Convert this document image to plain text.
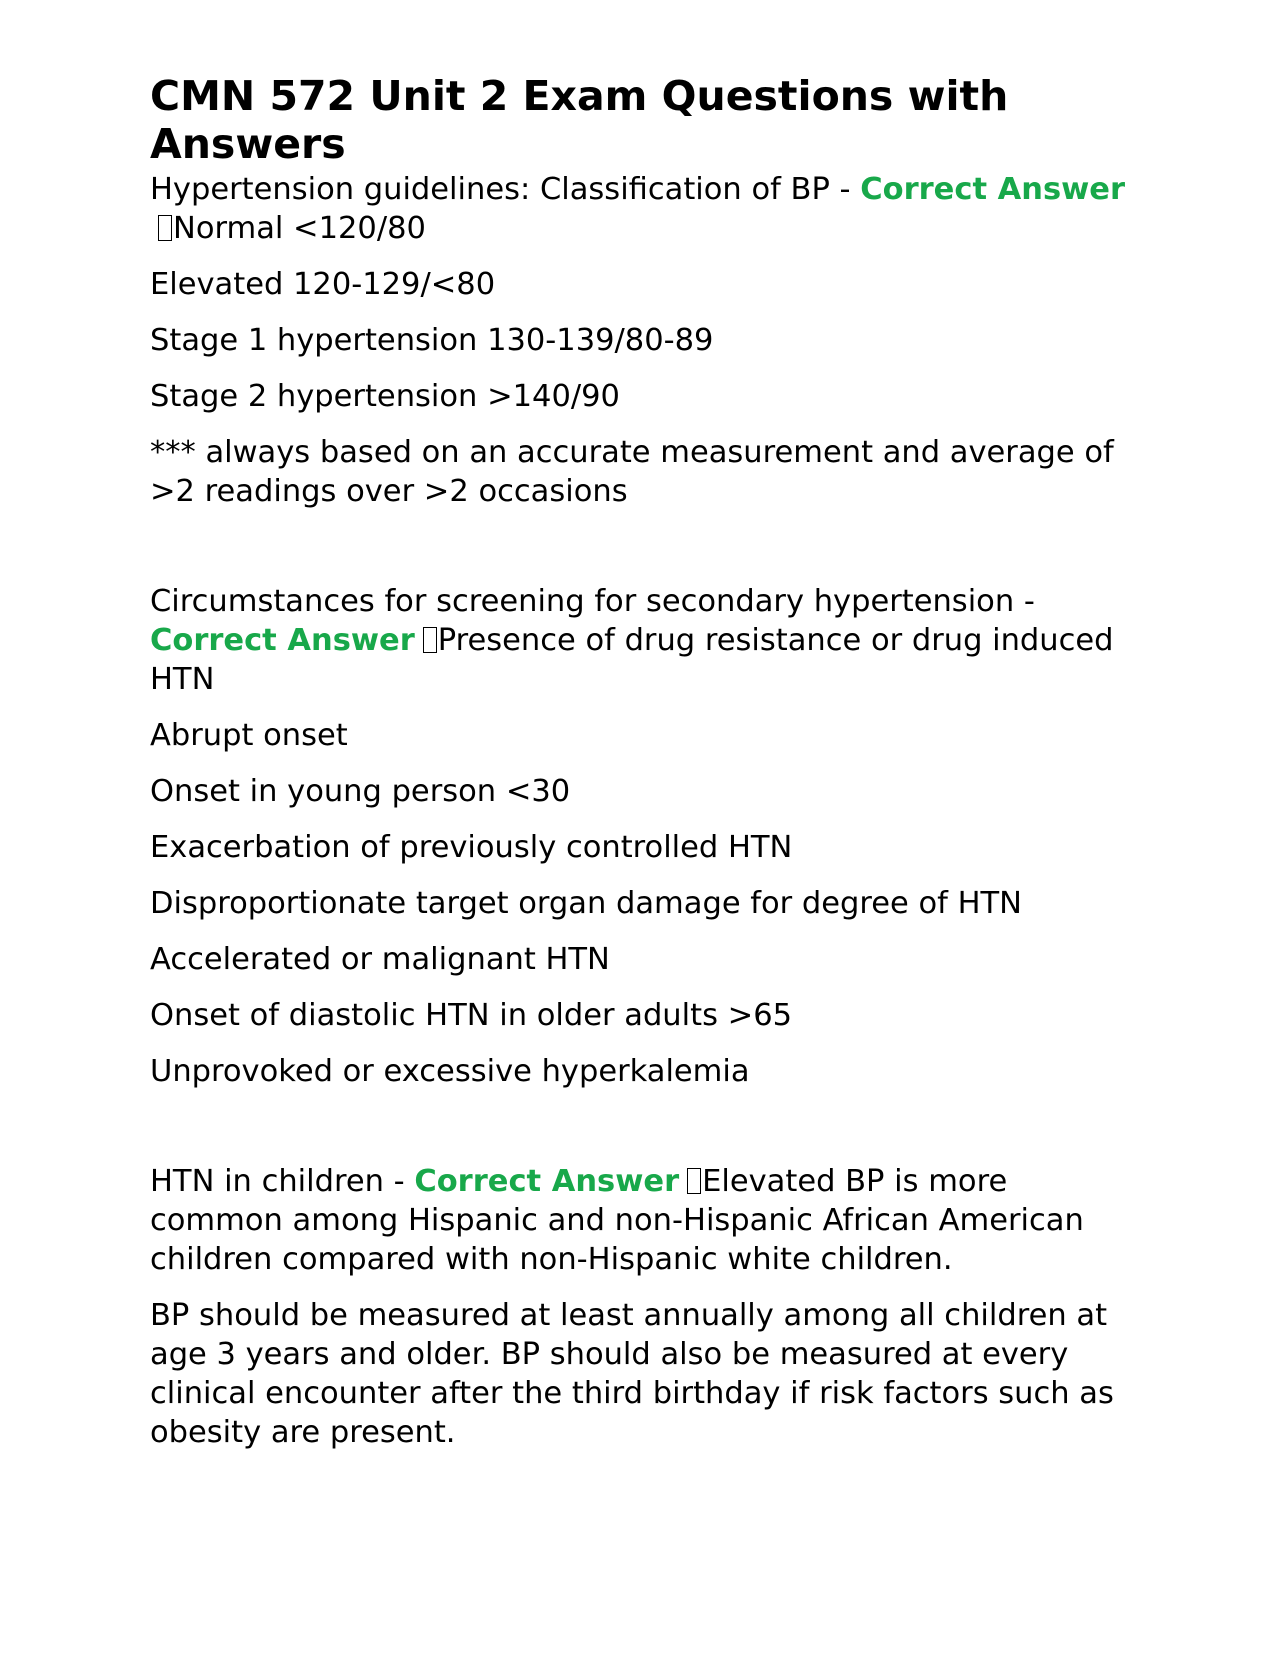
CMN 572 Unit 2 Exam Questions with Answers

Hypertension guidelines: Classification of BP - Correct AnswerNormal <120/80

Elevated 120-129/<80

Stage 1 hypertension 130-139/80-89

Stage 2 hypertension >140/90

*** always based on an accurate measurement and average of >2 readings over >2 occasions

Circumstances for screening for secondary hypertension - Correct Answer Presence of drug resistance or drug induced HTN

Abrupt onset

Onset in young person <30

Exacerbation of previously controlled HTN

Disproportionate target organ damage for degree of HTN

Accelerated or malignant HTN

Onset of diastolic HTN in older adults >65

Unprovoked or excessive hyperkalemia

HTN in children - Correct Answer Elevated BP is more common among Hispanic and non-Hispanic African American children compared with non-Hispanic white children.

BP should be measured at least annually among all children at age 3 years and older. BP should also be measured at every clinical encounter after the third birthday if risk factors such as obesity are present.
